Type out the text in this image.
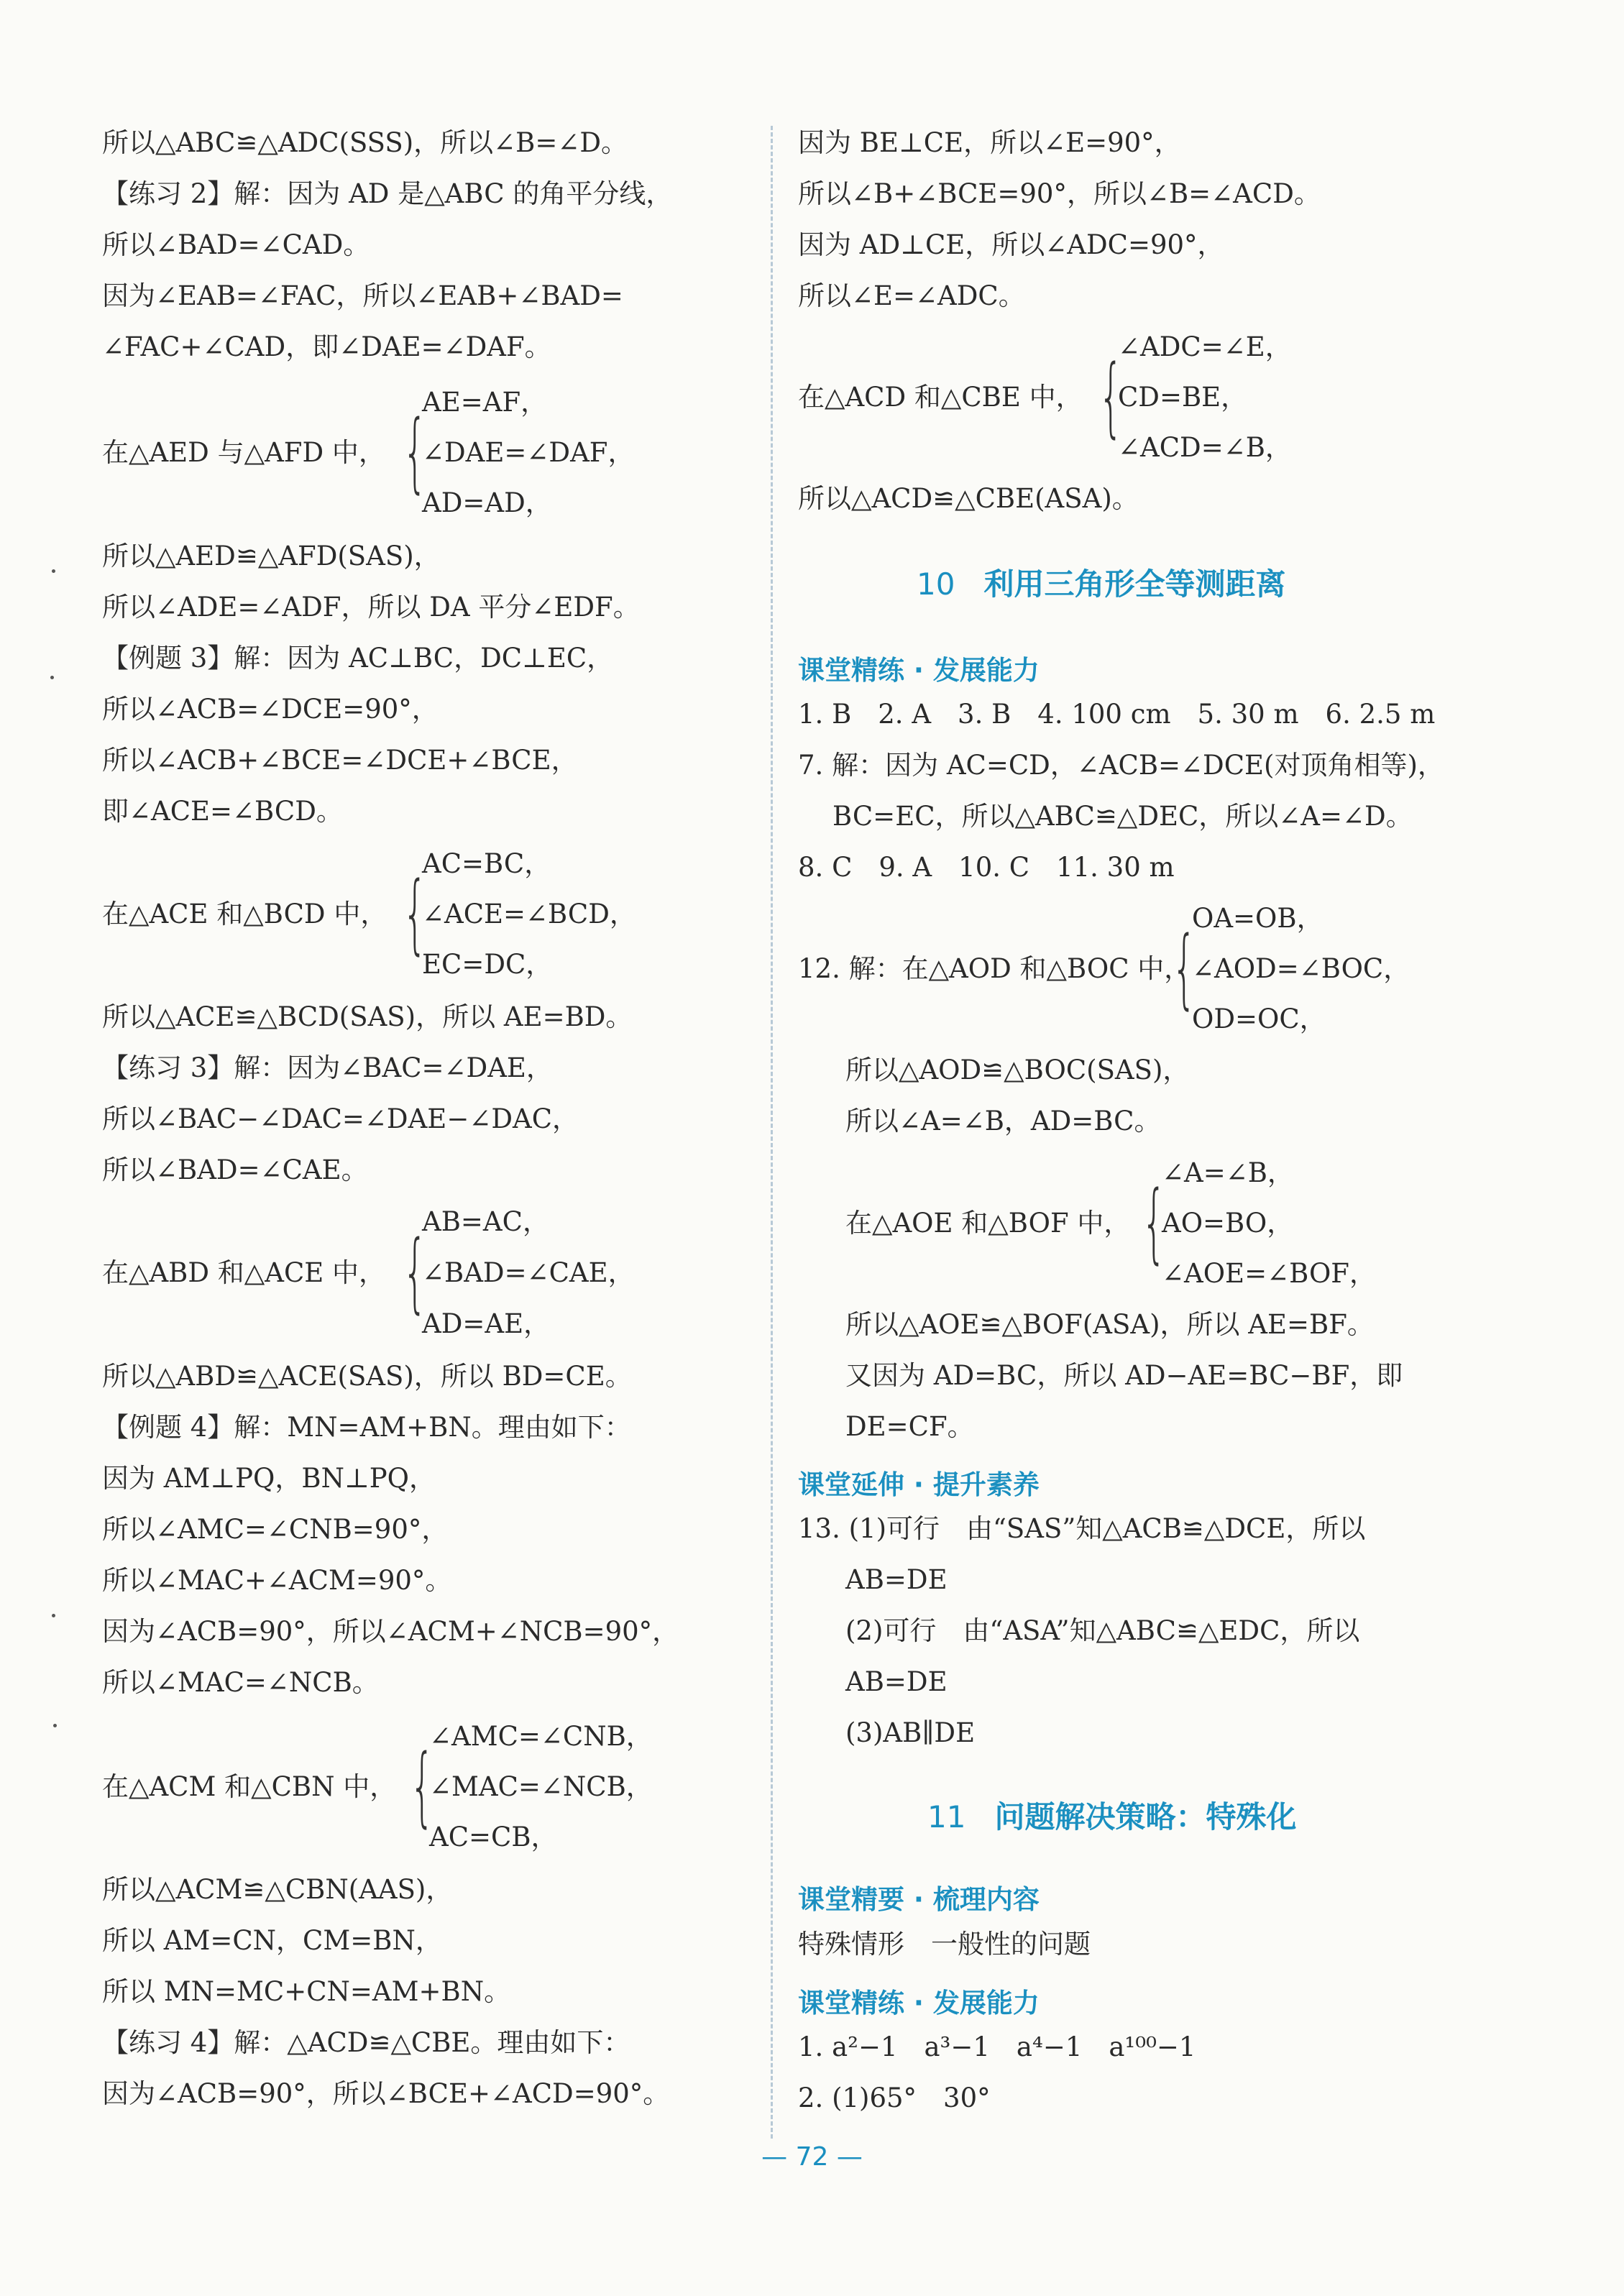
所以△ABC≌△ADC(SSS)，所以∠B=∠D。
【练习 2】解：因为 AD 是△ABC 的角平分线，
所以∠BAD=∠CAD。
因为∠EAB=∠FAC，所以∠EAB+∠BAD=
∠FAC+∠CAD，即∠DAE=∠DAF。
AE=AF，
在△AED 与△AFD 中， {
∠DAE=∠DAF，
AD=AD，
所以△AED≌△AFD(SAS)，
所以∠ADE=∠ADF，所以 DA 平分∠EDF。
【例题 3】解：因为 AC⊥BC，DC⊥EC，
所以∠ACB=∠DCE=90°，
所以∠ACB+∠BCE=∠DCE+∠BCE，
即∠ACE=∠BCD。
AC=BC，
在△ACE 和△BCD 中， {
∠ACE=∠BCD，
EC=DC，
所以△ACE≌△BCD(SAS)，所以 AE=BD。
【练习 3】解：因为∠BAC=∠DAE，
所以∠BAC−∠DAC=∠DAE−∠DAC，
所以∠BAD=∠CAE。
AB=AC，
在△ABD 和△ACE 中， {
∠BAD=∠CAE，
AD=AE，
所以△ABD≌△ACE(SAS)，所以 BD=CE。
【例题 4】解：MN=AM+BN。理由如下：
因为 AM⊥PQ，BN⊥PQ，
所以∠AMC=∠CNB=90°，
所以∠MAC+∠ACM=90°。
因为∠ACB=90°，所以∠ACM+∠NCB=90°，
所以∠MAC=∠NCB。
∠AMC=∠CNB，
在△ACM 和△CBN 中， {
∠MAC=∠NCB，
AC=CB，
所以△ACM≌△CBN(AAS)，
所以 AM=CN，CM=BN，
所以 MN=MC+CN=AM+BN。
【练习 4】解：△ACD≌△CBE。理由如下：
因为∠ACB=90°，所以∠BCE+∠ACD=90°。
因为 BE⊥CE，所以∠E=90°，
所以∠B+∠BCE=90°，所以∠B=∠ACD。
因为 AD⊥CE，所以∠ADC=90°，
所以∠E=∠ADC。
∠ADC=∠E，
在△ACD 和△CBE 中， {
CD=BE，
∠ACD=∠B，
所以△ACD≌△CBE(ASA)。
10 利用三角形全等测距离
课堂精练 · 发展能力
1. B　2. A　3. B　4. 100 cm　5. 30 m　6. 2.5 m
7. 解：因为 AC=CD，∠ACB=∠DCE(对顶角相等)，
BC=EC，所以△ABC≌△DEC，所以∠A=∠D。
8. C　9. A　10. C　11. 30 m
OA=OB，
12. 解：在△AOD 和△BOC 中，
{
∠AOD=∠BOC，
OD=OC，
所以△AOD≌△BOC(SAS)，
所以∠A=∠B，AD=BC。
∠A=∠B，
在△AOE 和△BOF 中， {
AO=BO，
∠AOE=∠BOF，
所以△AOE≌△BOF(ASA)，所以 AE=BF。
又因为 AD=BC，所以 AD−AE=BC−BF，即
DE=CF。
课堂延伸 · 提升素养
13. (1)可行　由“SAS”知△ACB≌△DCE，所以
AB=DE
(2)可行　由“ASA”知△ABC≌△EDC，所以
AB=DE
(3)AB∥DE
11 问题解决策略：特殊化
课堂精要 · 梳理内容
特殊情形　一般性的问题
课堂精练 · 发展能力
1. a²−1　a³−1　a⁴−1　a¹⁰⁰−1
2. (1)65°　30°
— 72 —
